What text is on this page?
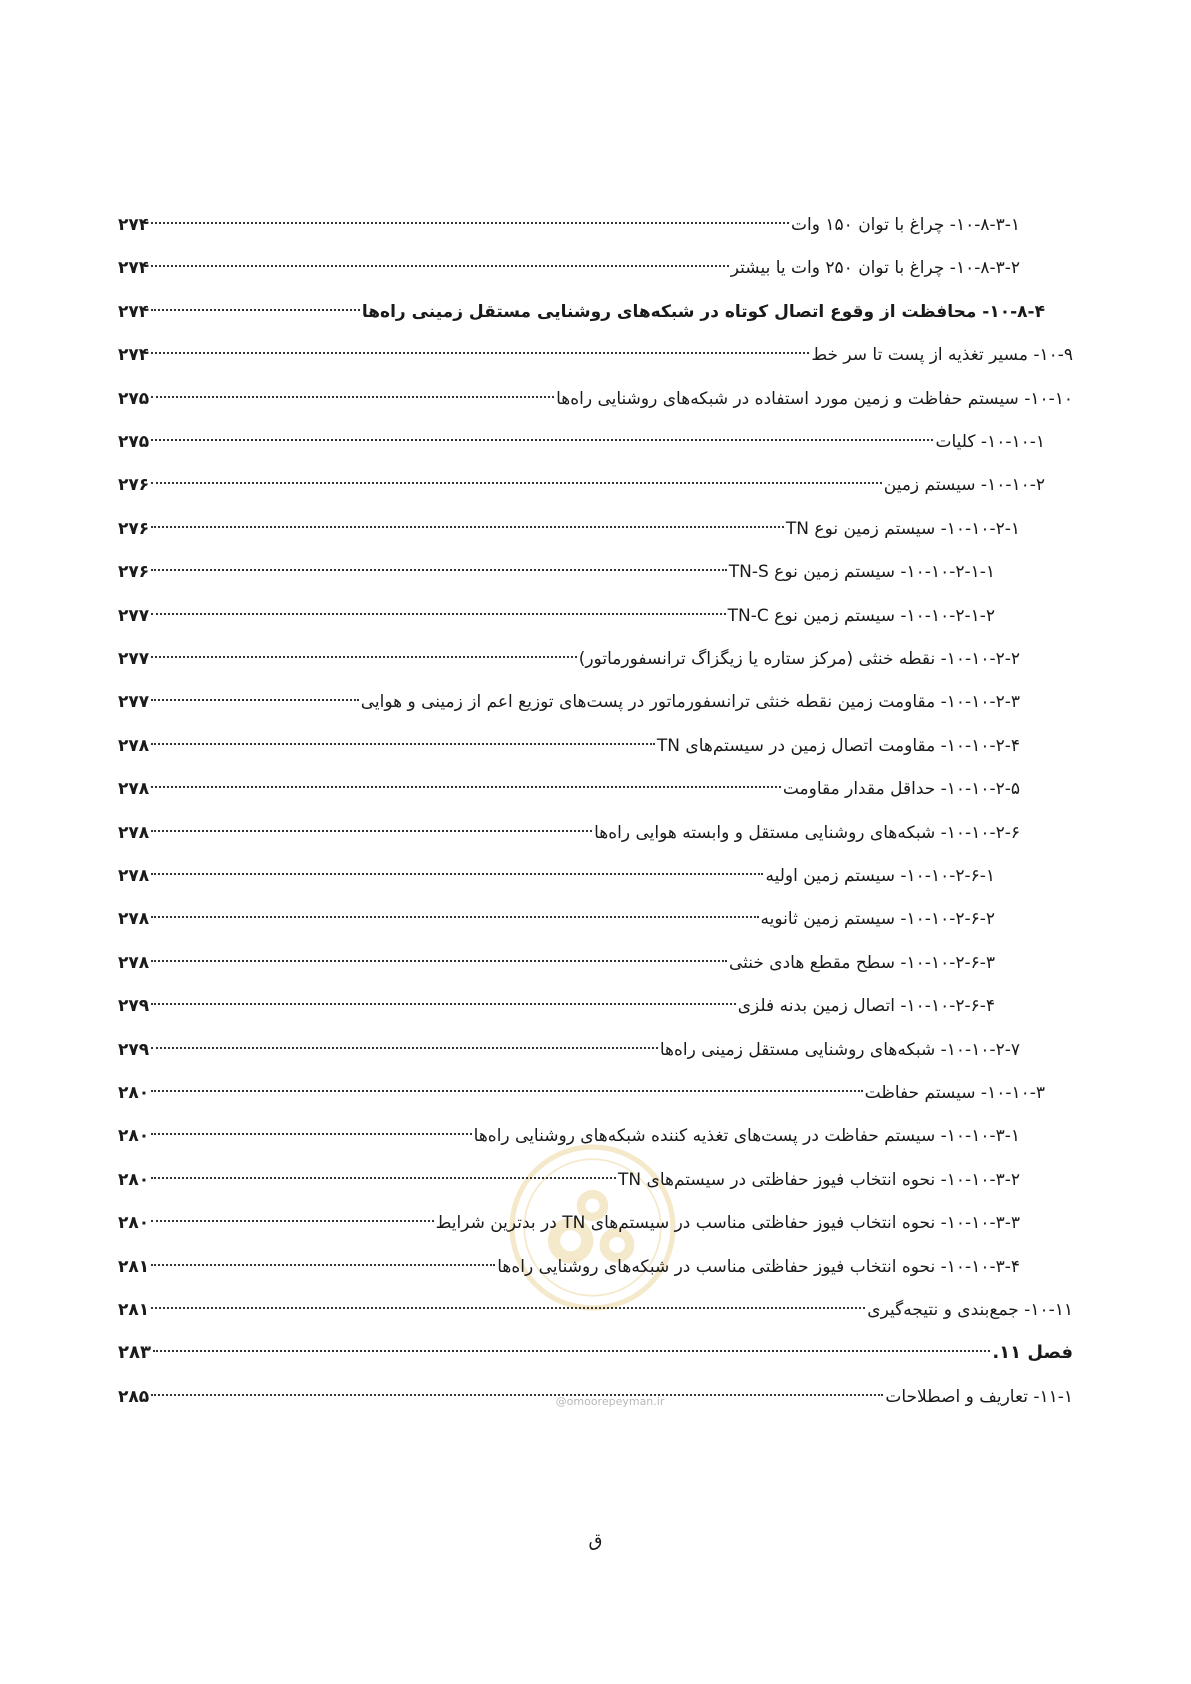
@omoorepeyman.ir
۱۰-۸-۳-۱- چراغ با توان ۱۵۰ وات
۲۷۴
۱۰-۸-۳-۲- چراغ با توان ۲۵۰ وات یا بیشتر
۲۷۴
۱۰-۸-۴- محافظت از وقوع اتصال کوتاه در شبکه‌های روشنایی مستقل زمینی راه‌ها
۲۷۴
۱۰-۹- مسیر تغذیه از پست تا سر خط
۲۷۴
۱۰-۱۰- سیستم حفاظت و زمین مورد استفاده در شبکه‌های روشنایی راه‌ها
۲۷۵
۱۰-۱۰-۱- کلیات
۲۷۵
۱۰-۱۰-۲- سیستم زمین
۲۷۶
۱۰-۱۰-۲-۱- سیستم زمین نوع TN
۲۷۶
۱۰-۱۰-۲-۱-۱- سیستم زمین نوع TN-S
۲۷۶
۱۰-۱۰-۲-۱-۲- سیستم زمین نوع TN-C
۲۷۷
۱۰-۱۰-۲-۲- نقطه خنثی (مرکز ستاره یا زیگزاگ ترانسفورماتور)
۲۷۷
۱۰-۱۰-۲-۳- مقاومت زمین نقطه خنثی ترانسفورماتور در پست‌های توزیع اعم از زمینی و هوایی
۲۷۷
۱۰-۱۰-۲-۴- مقاومت اتصال زمین در سیستم‌های TN
۲۷۸
۱۰-۱۰-۲-۵- حداقل مقدار مقاومت
۲۷۸
۱۰-۱۰-۲-۶- شبکه‌های روشنایی مستقل و وابسته هوایی راه‌ها
۲۷۸
۱۰-۱۰-۲-۶-۱- سیستم زمین اولیه
۲۷۸
۱۰-۱۰-۲-۶-۲- سیستم زمین ثانویه
۲۷۸
۱۰-۱۰-۲-۶-۳- سطح مقطع هادی خنثی
۲۷۸
۱۰-۱۰-۲-۶-۴- اتصال زمین بدنه فلزی
۲۷۹
۱۰-۱۰-۲-۷- شبکه‌های روشنایی مستقل زمینی راه‌ها
۲۷۹
۱۰-۱۰-۳- سیستم حفاظت
۲۸۰
۱۰-۱۰-۳-۱- سیستم حفاظت در پست‌های تغذیه کننده شبکه‌های روشنایی راه‌ها
۲۸۰
۱۰-۱۰-۳-۲- نحوه انتخاب فیوز حفاظتی در سیستم‌های TN
۲۸۰
۱۰-۱۰-۳-۳- نحوه انتخاب فیوز حفاظتی مناسب در سیستم‌های TN در بدترین شرایط
۲۸۰
۱۰-۱۰-۳-۴- نحوه انتخاب فیوز حفاظتی مناسب در شبکه‌های روشنایی راه‌ها
۲۸۱
۱۰-۱۱- جمع‌بندی و نتیجه‌گیری
۲۸۱
فصل ۱۱.
۲۸۳
۱۱-۱- تعاریف و اصطلاحات
۲۸۵
ق
